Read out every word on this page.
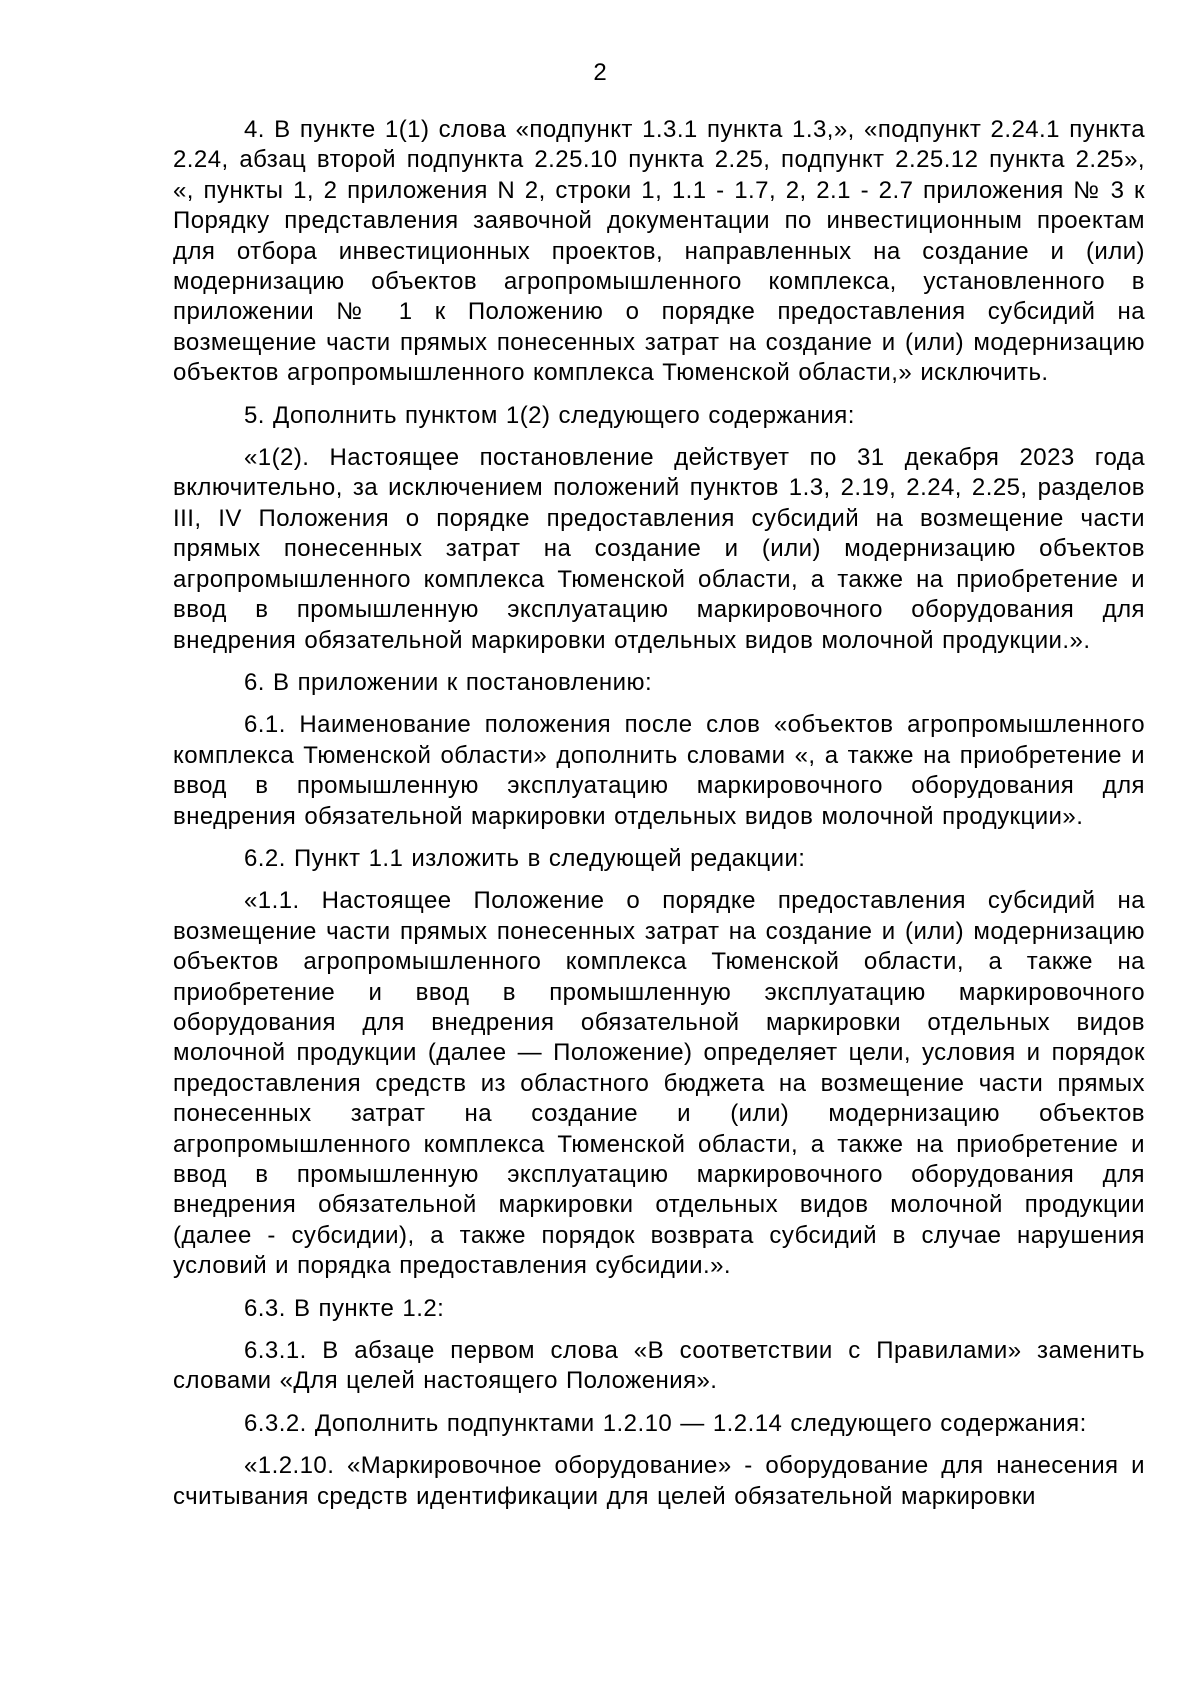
2

4. В пункте 1(1) слова «подпункт 1.3.1 пункта 1.3,», «подпункт 2.24.1 пункта 2.24, абзац второй подпункта 2.25.10 пункта 2.25, подпункт 2.25.12 пункта 2.25», «, пункты 1, 2 приложения N 2, строки 1, 1.1 - 1.7, 2, 2.1 - 2.7 приложения № 3 к Порядку представления заявочной документации по инвестиционным проектам для отбора инвестиционных проектов, направленных на создание и (или) модернизацию объектов агропромышленного комплекса, установленного в приложении № 1 к Положению о порядке предоставления субсидий на возмещение части прямых понесенных затрат на создание и (или) модернизацию объектов агропромышленного комплекса Тюменской области,» исключить.

5. Дополнить пунктом 1(2) следующего содержания:

«1(2). Настоящее постановление действует по 31 декабря 2023 года включительно, за исключением положений пунктов 1.3, 2.19, 2.24, 2.25, разделов III, IV Положения о порядке предоставления субсидий на возмещение части прямых понесенных затрат на создание и (или) модернизацию объектов агропромышленного комплекса Тюменской области, а также на приобретение и ввод в промышленную эксплуатацию маркировочного оборудования для внедрения обязательной маркировки отдельных видов молочной продукции.».

6. В приложении к постановлению:

6.1. Наименование положения после слов «объектов агропромышленного комплекса Тюменской области» дополнить словами «, а также на приобретение и ввод в промышленную эксплуатацию маркировочного оборудования для внедрения обязательной маркировки отдельных видов молочной продукции».

6.2. Пункт 1.1 изложить в следующей редакции:

«1.1. Настоящее Положение о порядке предоставления субсидий на возмещение части прямых понесенных затрат на создание и (или) модернизацию объектов агропромышленного комплекса Тюменской области, а также на приобретение и ввод в промышленную эксплуатацию маркировочного оборудования для внедрения обязательной маркировки отдельных видов молочной продукции (далее — Положение) определяет цели, условия и порядок предоставления средств из областного бюджета на возмещение части прямых понесенных затрат на создание и (или) модернизацию объектов агропромышленного комплекса Тюменской области, а также на приобретение и ввод в промышленную эксплуатацию маркировочного оборудования для внедрения обязательной маркировки отдельных видов молочной продукции (далее - субсидии), а также порядок возврата субсидий в случае нарушения условий и порядка предоставления субсидии.».

6.3. В пункте 1.2:

6.3.1. В абзаце первом слова «В соответствии с Правилами» заменить словами «Для целей настоящего Положения».

6.3.2. Дополнить подпунктами 1.2.10 — 1.2.14 следующего содержания:

«1.2.10. «Маркировочное оборудование» - оборудование для нанесения и считывания средств идентификации для целей обязательной маркировки
